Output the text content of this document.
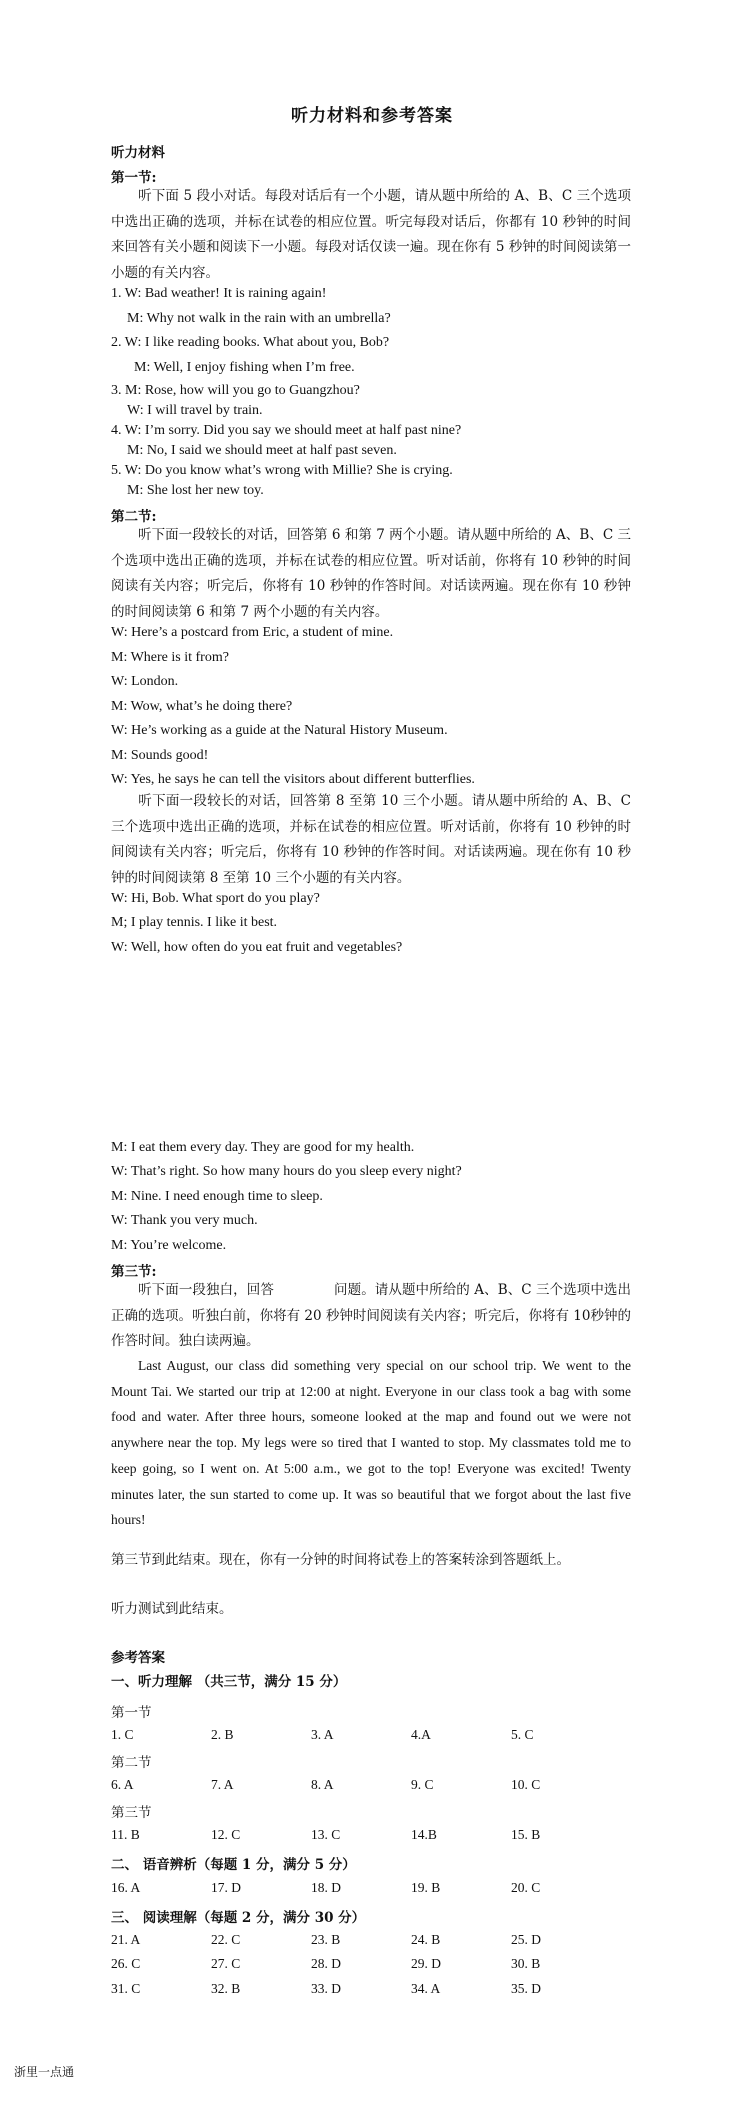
听力材料和参考答案
听力材料
第一节:
听下面 5 段小对话。每段对话后有一个小题，请从题中所给的 A、B、C 三个选项中选出正确的选项，并标在试卷的相应位置。听完每段对话后，你都有 10 秒钟的时间来回答有关小题和阅读下一小题。每段对话仅读一遍。现在你有 5 秒钟的时间阅读第一小题的有关内容。
1. W: Bad weather! It is raining again!
M: Why not walk in the rain with an umbrella?
2. W: I like reading books. What about you, Bob?
M: Well, I enjoy fishing when I’m free.
3. M: Rose, how will you go to Guangzhou?
W: I will travel by train.
4. W: I’m sorry. Did you say we should meet at half past nine?
M: No, I said we should meet at half past seven.
5. W: Do you know what’s wrong with Millie? She is crying.
M: She lost her new toy.
第二节:
听下面一段较长的对话，回答第 6 和第 7 两个小题。请从题中所给的 A、B、C 三个选项中选出正确的选项，并标在试卷的相应位置。听对话前，你将有 10 秒钟的时间阅读有关内容；听完后，你将有 10 秒钟的作答时间。对话读两遍。现在你有 10 秒钟的时间阅读第 6 和第 7 两个小题的有关内容。
W: Here’s a postcard from Eric, a student of mine.
M: Where is it from?
W: London.
M: Wow, what’s he doing there?
W: He’s working as a guide at the Natural History Museum.
M: Sounds good!
W: Yes, he says he can tell the visitors about different butterflies.
听下面一段较长的对话，回答第 8 至第 10 三个小题。请从题中所给的 A、B、C 三个选项中选出正确的选项，并标在试卷的相应位置。听对话前，你将有 10 秒钟的时间阅读有关内容；听完后，你将有 10 秒钟的作答时间。对话读两遍。现在你有 10 秒钟的时间阅读第 8 至第 10 三个小题的有关内容。
W: Hi, Bob. What sport do you play?
M; I play tennis. I like it best.
W: Well, how often do you eat fruit and vegetables?
M: I eat them every day. They are good for my health.
W: That’s right. So how many hours do you sleep every night?
M: Nine. I need enough time to sleep.
W: Thank you very much.
M: You’re welcome.
第三节:
听下面一段独白，回答	问题。请从题中所给的 A、B、C 三个选项中选出正确的选项。听独白前，你将有 20 秒钟时间阅读有关内容；听完后，你将有 10秒钟的作答时间。独白读两遍。
Last August, our class did something very special on our school trip. We went to the Mount Tai. We started our trip at 12:00 at night. Everyone in our class took a bag with some food and water. After three hours, someone looked at the map and found out we were not anywhere near the top. My legs were so tired that I wanted to stop. My classmates told me to keep going, so I went on. At 5:00 a.m., we got to the top! Everyone was excited! Twenty minutes later, the sun started to come up. It was so beautiful that we forgot about the last five hours!
第三节到此结束。现在，你有一分钟的时间将试卷上的答案转涂到答题纸上。
听力测试到此结束。
参考答案
一、听力理解 （共三节，满分 15 分）
第一节
1. C	2. B	3. A	4.A	5. C
第二节
6. A	7. A	8. A	9. C	10. C
第三节
11. B	12. C	13. C	14.B	15. B
二、 语音辨析（每题 1 分，满分 5 分）
16. A	17. D	18. D	19. B	20. C
三、 阅读理解（每题 2 分，满分 30 分）
21. A	22. C	23. B	24. B	25. D
26. C	27. C	28. D	29. D	30. B
31. C	32. B	33. D	34. A	35. D
浙里一点通
